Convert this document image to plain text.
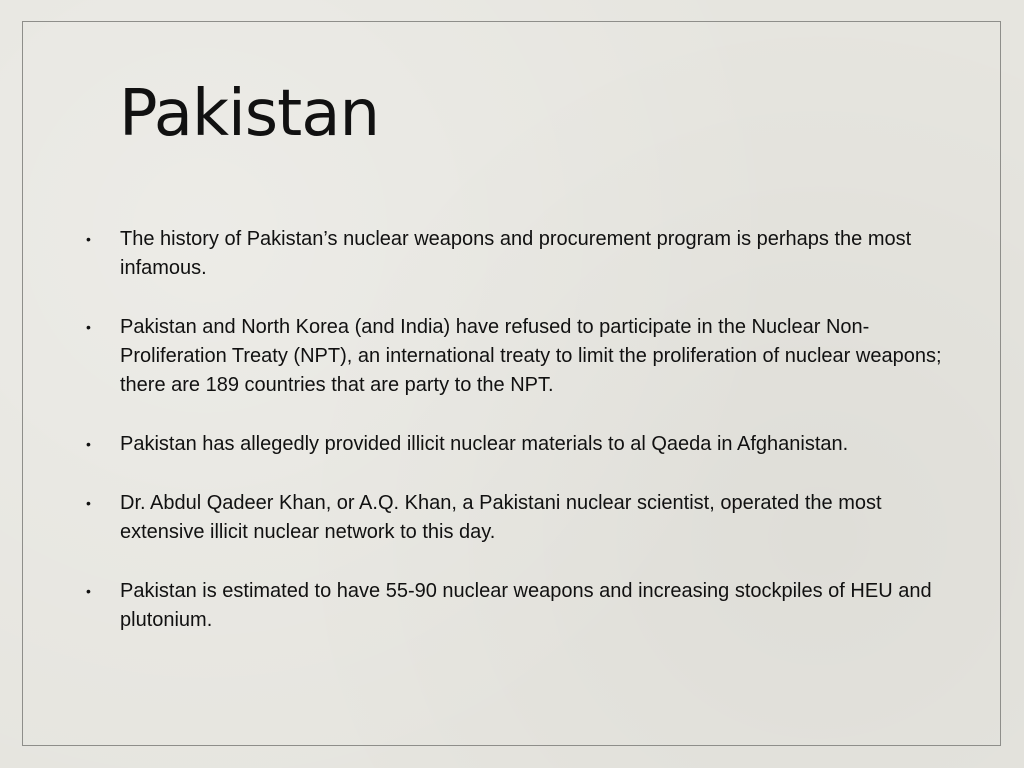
Pakistan
• The history of Pakistan’s nuclear weapons and procurement program is perhaps the most infamous.
• Pakistan and North Korea (and India) have refused to participate in the Nuclear Non-Proliferation Treaty (NPT), an international treaty to limit the proliferation of nuclear weapons; there are 189 countries that are party to the NPT.
• Pakistan has allegedly provided illicit nuclear materials to al Qaeda in Afghanistan.
• Dr. Abdul Qadeer Khan, or A.Q. Khan, a Pakistani nuclear scientist, operated the most extensive illicit nuclear network to this day.
• Pakistan is estimated to have 55-90 nuclear weapons and increasing stockpiles of HEU and plutonium.
